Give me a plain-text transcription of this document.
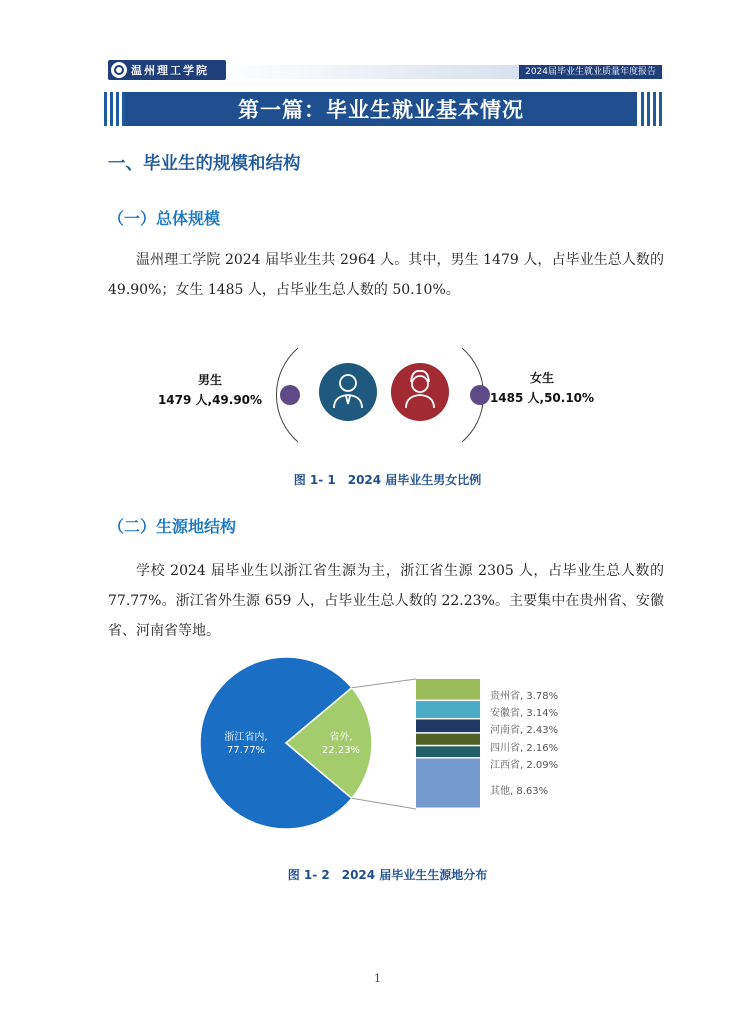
温州理工学院	2024届毕业生就业质量年度报告
第一篇：毕业生就业基本情况
一、毕业生的规模和结构
（一）总体规模
温州理工学院 2024 届毕业生共 2964 人。其中，男生 1479 人，占毕业生总人数的 49.90%；女生 1485 人，占毕业生总人数的 50.10%。
男生
1479 人,49.90%
女生
1485 人,50.10%
图 1- 1　2024 届毕业生男女比例
（二）生源地结构
学校 2024 届毕业生以浙江省生源为主，浙江省生源 2305 人，占毕业生总人数的 77.77%。浙江省外生源 659 人，占毕业生总人数的 22.23%。主要集中在贵州省、安徽省、河南省等地。
浙江省内,
77.77%
省外,
22.23%
贵州省, 3.78%
安徽省, 3.14%
河南省, 2.43%
四川省, 2.16%
江西省, 2.09%
其他, 8.63%
图 1- 2　2024 届毕业生生源地分布
1
